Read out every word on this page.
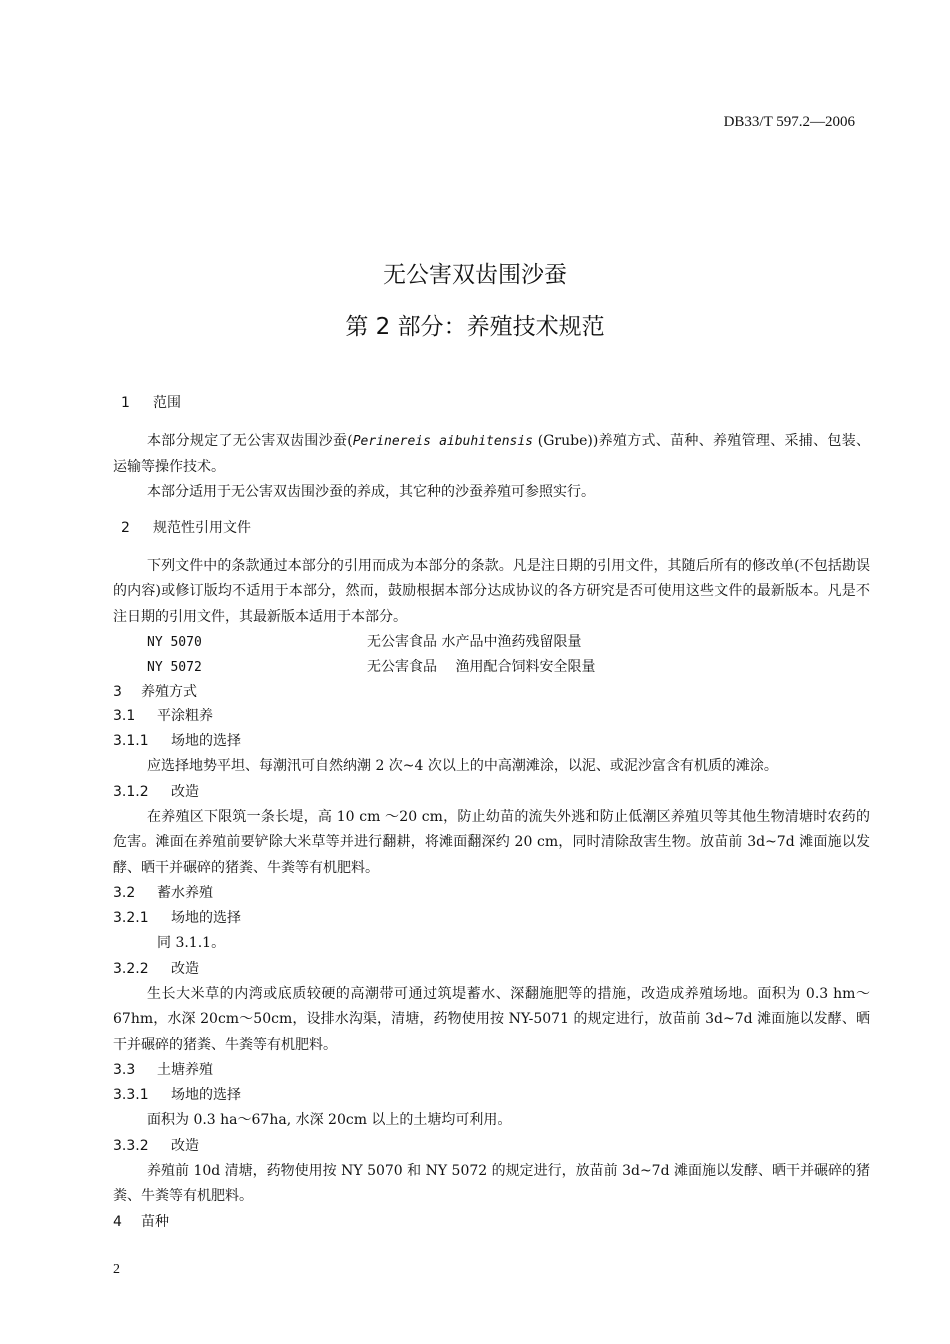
DB33/T 597.2—2006
无公害双齿围沙蚕
第 2 部分：养殖技术规范
1 范围
本部分规定了无公害双齿围沙蚕(Perinereis aibuhitensis (Grube))养殖方式、苗种、养殖管理、采捕、包装、运输等操作技术。
本部分适用于无公害双齿围沙蚕的养成，其它种的沙蚕养殖可参照实行。
2 规范性引用文件
下列文件中的条款通过本部分的引用而成为本部分的条款。凡是注日期的引用文件，其随后所有的修改单(不包括勘误的内容)或修订版均不适用于本部分，然而，鼓励根据本部分达成协议的各方研究是否可使用这些文件的最新版本。凡是不注日期的引用文件，其最新版本适用于本部分。
NY 5070	无公害食品 水产品中渔药残留限量
NY 5072	无公害食品　 渔用配合饲料安全限量
3 养殖方式
3.1 平涂粗养
3.1.1 场地的选择
应选择地势平坦、每潮汛可自然纳潮 2 次~4 次以上的中高潮滩涂，以泥、或泥沙富含有机质的滩涂。
3.1.2 改造
在养殖区下限筑一条长堤，高 10 cm ～20 cm，防止幼苗的流失外逃和防止低潮区养殖贝等其他生物清塘时农药的危害。滩面在养殖前要铲除大米草等并进行翻耕，将滩面翻深约 20 cm，同时清除敌害生物。放苗前 3d~7d 滩面施以发酵、晒干并碾碎的猪粪、牛粪等有机肥料。
3.2 蓄水养殖
3.2.1 场地的选择
同 3.1.1。
3.2.2 改造
生长大米草的内湾或底质较硬的高潮带可通过筑堤蓄水、深翻施肥等的措施，改造成养殖场地。面积为 0.3 hm～67hm，水深 20cm～50cm，设排水沟渠，清塘，药物使用按 NY-5071 的规定进行，放苗前 3d~7d 滩面施以发酵、晒干并碾碎的猪粪、牛粪等有机肥料。
3.3 土塘养殖
3.3.1 场地的选择
面积为 0.3 ha～67ha, 水深 20cm 以上的土塘均可利用。
3.3.2 改造
养殖前 10d 清塘，药物使用按 NY 5070 和 NY 5072 的规定进行，放苗前 3d~7d 滩面施以发酵、晒干并碾碎的猪粪、牛粪等有机肥料。
4 苗种
2
